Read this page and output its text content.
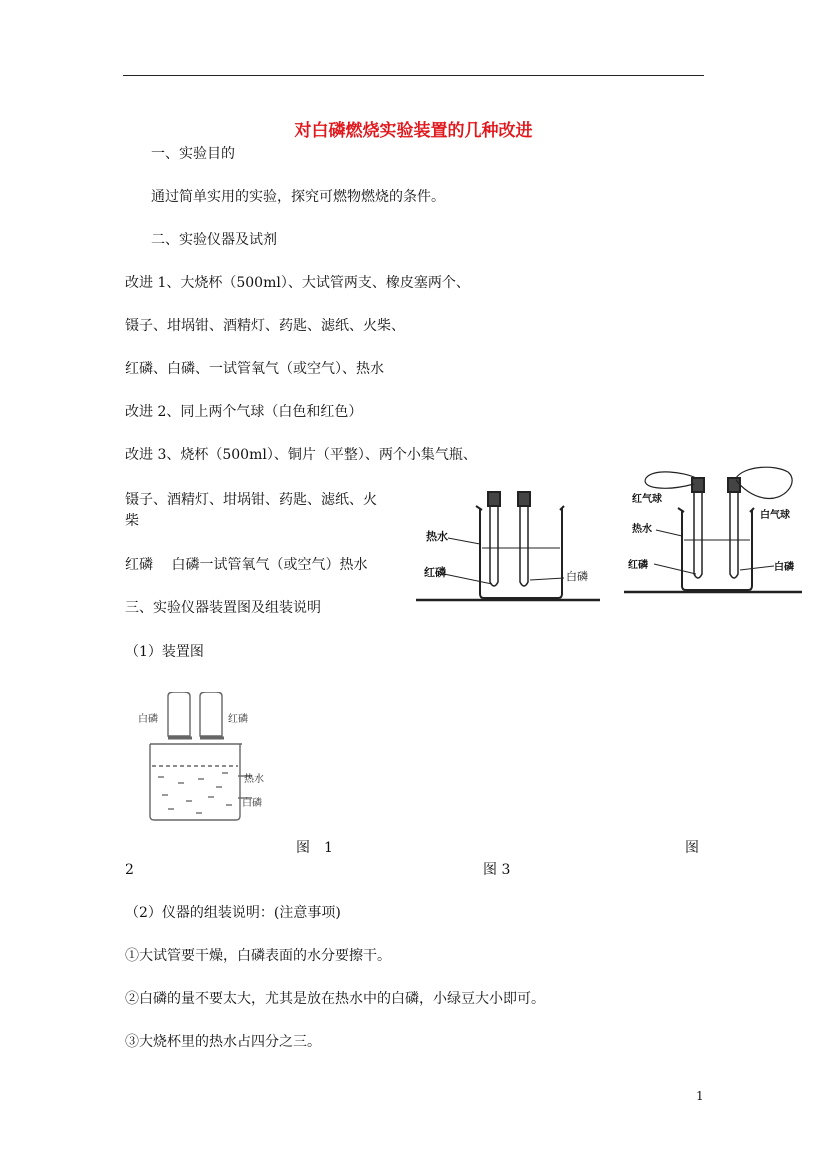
对白磷燃烧实验装置的几种改进
一、实验目的
通过简单实用的实验，探究可燃物燃烧的条件。
二、实验仪器及试剂
改进 1、大烧杯（500ml）、大试管两支、橡皮塞两个、
镊子、坩埚钳、酒精灯、药匙、滤纸、火柴、
红磷、白磷、一试管氧气（或空气）、热水
改进 2、同上两个气球（白色和红色）
改进 3、烧杯（500ml）、铜片（平整）、两个小集气瓶、
镊子、酒精灯、坩埚钳、药匙、滤纸、火
柴
红磷　 白磷一试管氧气（或空气）热水
三、实验仪器装置图及组装说明
（1）装置图
热水
红磷	白磷
红气球
白气球
热水
红磷	白磷
白磷	红磷
热水
白磷
图　1	图
2	图 3
（2）仪器的组装说明：(注意事项)
①大试管要干燥，白磷表面的水分要擦干。
②白磷的量不要太大，尤其是放在热水中的白磷，小绿豆大小即可。
③大烧杯里的热水占四分之三。
1
